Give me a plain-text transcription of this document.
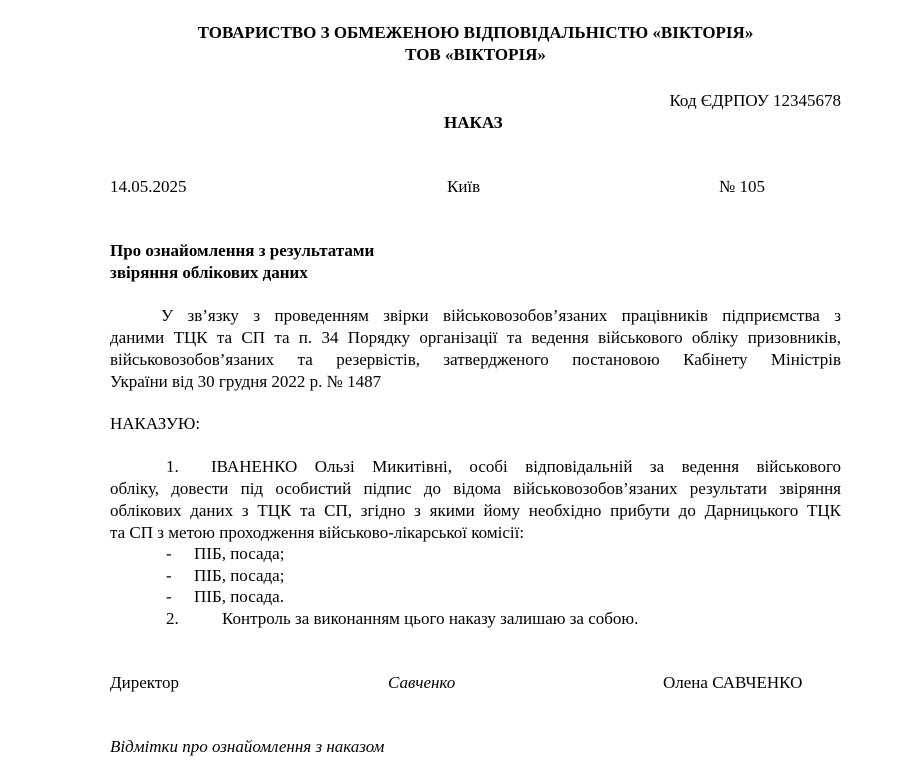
ТОВАРИСТВО З ОБМЕЖЕНОЮ ВІДПОВІДАЛЬНІСТЮ «ВІКТОРІЯ»
ТОВ «ВІКТОРІЯ»
Код ЄДРПОУ 12345678
НАКАЗ
14.05.2025	Київ	№ 105
Про ознайомлення з результатами
звіряння облікових даних
У зв’язку з проведенням звірки військовозобов’язаних працівників підприємства з
даними ТЦК та СП та п. 34 Порядку організації та ведення військового обліку призовників,
військовозобов’язаних та резервістів, затвердженого постановою Кабінету Міністрів
України від 30 грудня 2022 р. № 1487
НАКАЗУЮ:
1.	ІВАНЕНКО Ользі Микитівні, особі відповідальній за ведення військового
обліку, довести під особистий підпис до відома військовозобов’язаних результати звіряння
облікових даних з ТЦК та СП, згідно з якими йому необхідно прибути до Дарницького ТЦК
та СП з метою проходження військово-лікарської комісії:
- ПІБ, посада;
- ПІБ, посада;
- ПІБ, посада.
2.	Контроль за виконанням цього наказу залишаю за собою.
Директор	Савченко	Олена САВЧЕНКО
Відмітки про ознайомлення з наказом
